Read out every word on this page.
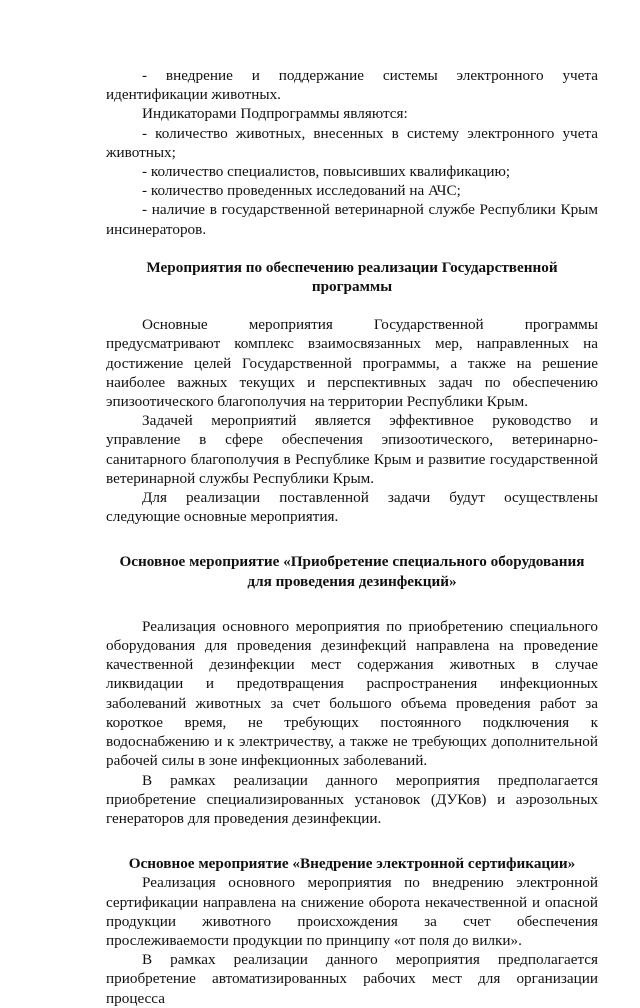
- внедрение и поддержание системы электронного учета идентификации животных.

Индикаторами Подпрограммы являются:

- количество животных, внесенных в систему электронного учета животных;

- количество специалистов, повысивших квалификацию;

- количество проведенных исследований на АЧС;

- наличие в государственной ветеринарной службе Республики Крым инсинераторов.

Мероприятия по обеспечению реализации Государственной программы

Основные мероприятия Государственной программы предусматривают комплекс взаимосвязанных мер, направленных на достижение целей Государственной программы, а также на решение наиболее важных текущих и перспективных задач по обеспечению эпизоотического благополучия на территории Республики Крым.

Задачей мероприятий является эффективное руководство и управление в сфере обеспечения эпизоотического, ветеринарно-санитарного благополучия в Республике Крым и развитие государственной ветеринарной службы Республики Крым.

Для реализации поставленной задачи будут осуществлены следующие основные мероприятия.

Основное мероприятие «Приобретение специального оборудования
для проведения дезинфекций»

Реализация основного мероприятия по приобретению специального оборудования для проведения дезинфекций направлена на проведение качественной дезинфекции мест содержания животных в случае ликвидации и предотвращения распространения инфекционных заболеваний животных за счет большого объема проведения работ за короткое время, не требующих постоянного подключения к водоснабжению и к электричеству, а также не требующих дополнительной рабочей силы в зоне инфекционных заболеваний.

В рамках реализации данного мероприятия предполагается приобретение специализированных установок (ДУКов) и аэрозольных генераторов для проведения дезинфекции.

Основное мероприятие «Внедрение электронной сертификации»

Реализация основного мероприятия по внедрению электронной сертификации направлена на снижение оборота некачественной и опасной продукции животного происхождения за счет обеспечения прослеживаемости продукции по принципу «от поля до вилки».

В рамках реализации данного мероприятия предполагается приобретение автоматизированных рабочих мест для организации процесса
